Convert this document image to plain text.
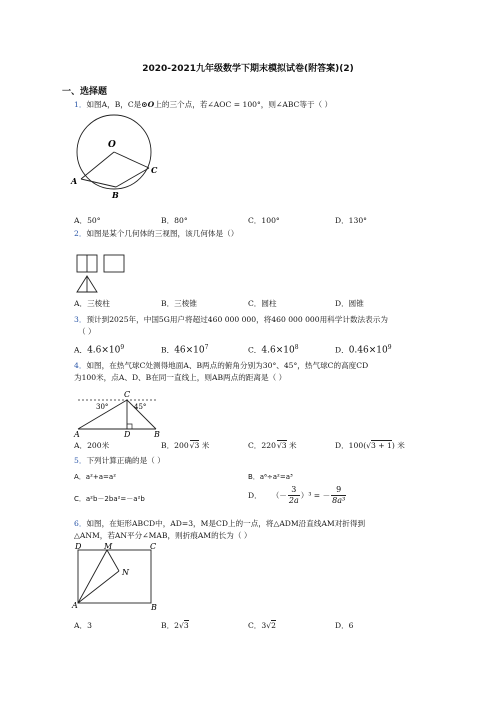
2020-2021九年级数学下期末模拟试卷(附答案)(2)
一、选择题
1．如图A，B，C是⊙O上的三个点，若∠AOC = 100°，则∠ABC等于（ ）
O
A
B
C
A．50°	B．80°	C．100°	D．130°
2．如图是某个几何体的三视图，该几何体是（）
A．三棱柱	B．三棱锥	C．圆柱	D．圆锥
3．预计到2025年，中国5G用户将超过460 000 000，将460 000 000用科学计数法表示为
（ ）
A．$4.6\times 10^9$	B．$46\times 10^7$	C．$4.6\times 10^8$	D．$0.46\times 10^9$
4．如图，在热气球C处测得地面A、B两点的俯角分别为30°、45°，热气球C的高度CD
为100米，点A、D、B在同一直线上，则AB两点的距离是（ ）
C
30°	45°
A	D	B
A．200米	B．200√3 米	C．220√3 米	D．100(√3 + 1) 米
5．下列计算正确的是（ ）
A．a²+a=a²	B．a⁶÷a²=a³
C．a²b－2ba²=－a²b	D． （－ $\frac{3}{2a} )^3$ = － $\frac{9}{\text{8a³}}$
6．如图，在矩形ABCD中，AD=3，M是CD上的一点，将△ADM沿直线AM对折得到
△ANM，若AN平分∠MAB，则折痕AM的长为（ ）
D	M	C
N
A	B
A．3	B．2√3	C．3√2	D．6
